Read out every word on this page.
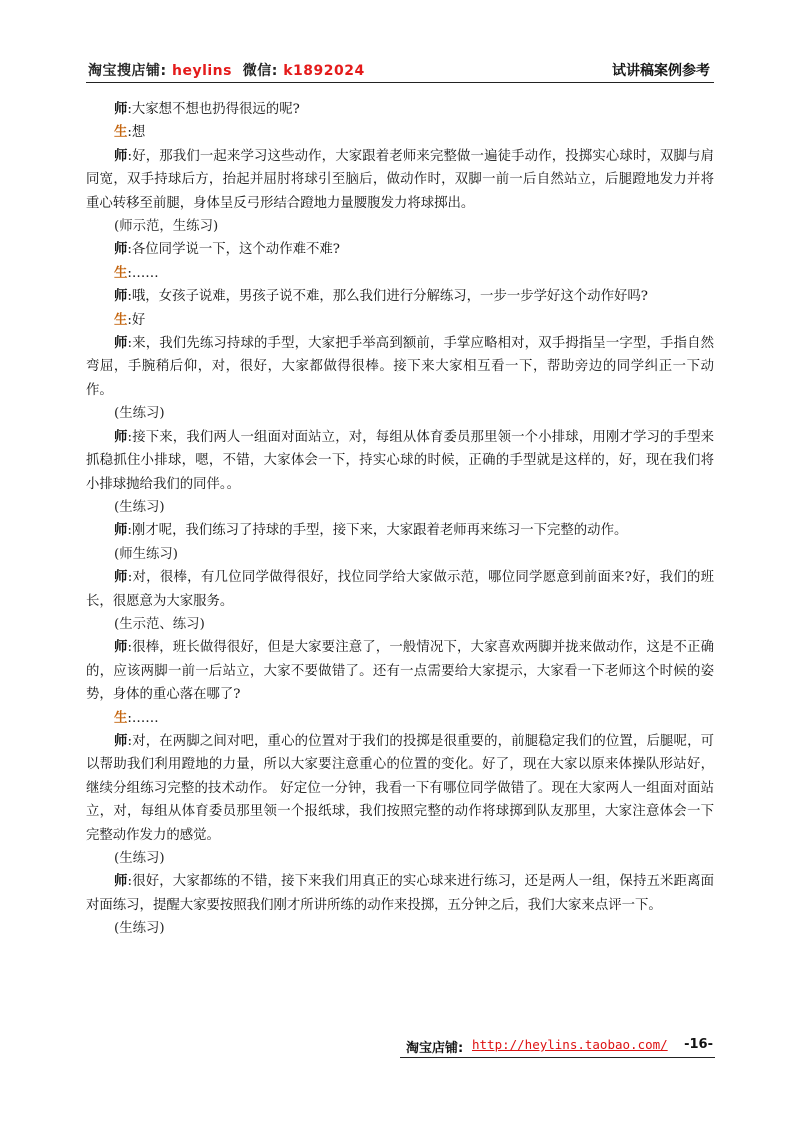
淘宝搜店铺: heylins  微信: k1892024	试讲稿案例参考

师:大家想不想也扔得很远的呢?

生:想

师:好，那我们一起来学习这些动作，大家跟着老师来完整做一遍徒手动作，投掷实心球时，双脚与肩同宽，双手持球后方，抬起并屈肘将球引至脑后，做动作时，双脚一前一后自然站立，后腿蹬地发力并将重心转移至前腿，身体呈反弓形结合蹬地力量腰腹发力将球掷出。

(师示范，生练习)

师:各位同学说一下，这个动作难不难?

生:……

师:哦，女孩子说难，男孩子说不难，那么我们进行分解练习，一步一步学好这个动作好吗?

生:好

师:来，我们先练习持球的手型，大家把手举高到额前，手掌应略相对，双手拇指呈一字型，手指自然弯屈，手腕稍后仰，对，很好，大家都做得很棒。接下来大家相互看一下，帮助旁边的同学纠正一下动作。

(生练习)

师:接下来，我们两人一组面对面站立，对，每组从体育委员那里领一个小排球，用刚才学习的手型来抓稳抓住小排球，嗯，不错，大家体会一下，持实心球的时候，正确的手型就是这样的，好，现在我们将小排球抛给我们的同伴。。

(生练习)

师:刚才呢，我们练习了持球的手型，接下来，大家跟着老师再来练习一下完整的动作。

(师生练习)

师:对，很棒，有几位同学做得很好，找位同学给大家做示范，哪位同学愿意到前面来?好，我们的班长，很愿意为大家服务。

(生示范、练习)

师:很棒，班长做得很好，但是大家要注意了，一般情况下，大家喜欢两脚并拢来做动作，这是不正确的，应该两脚一前一后站立，大家不要做错了。还有一点需要给大家提示，大家看一下老师这个时候的姿势，身体的重心落在哪了?

生:……

师:对，在两脚之间对吧，重心的位置对于我们的投掷是很重要的，前腿稳定我们的位置，后腿呢，可以帮助我们利用蹬地的力量，所以大家要注意重心的位置的变化。好了，现在大家以原来体操队形站好，继续分组练习完整的技术动作。 好定位一分钟，我看一下有哪位同学做错了。现在大家两人一组面对面站立，对，每组从体育委员那里领一个报纸球，我们按照完整的动作将球掷到队友那里，大家注意体会一下完整动作发力的感觉。

(生练习)

师:很好，大家都练的不错，接下来我们用真正的实心球来进行练习，还是两人一组，保持五米距离面对面练习，提醒大家要按照我们刚才所讲所练的动作来投掷，五分钟之后，我们大家来点评一下。

(生练习)

淘宝店铺: http://heylins.taobao.com/ -16-
